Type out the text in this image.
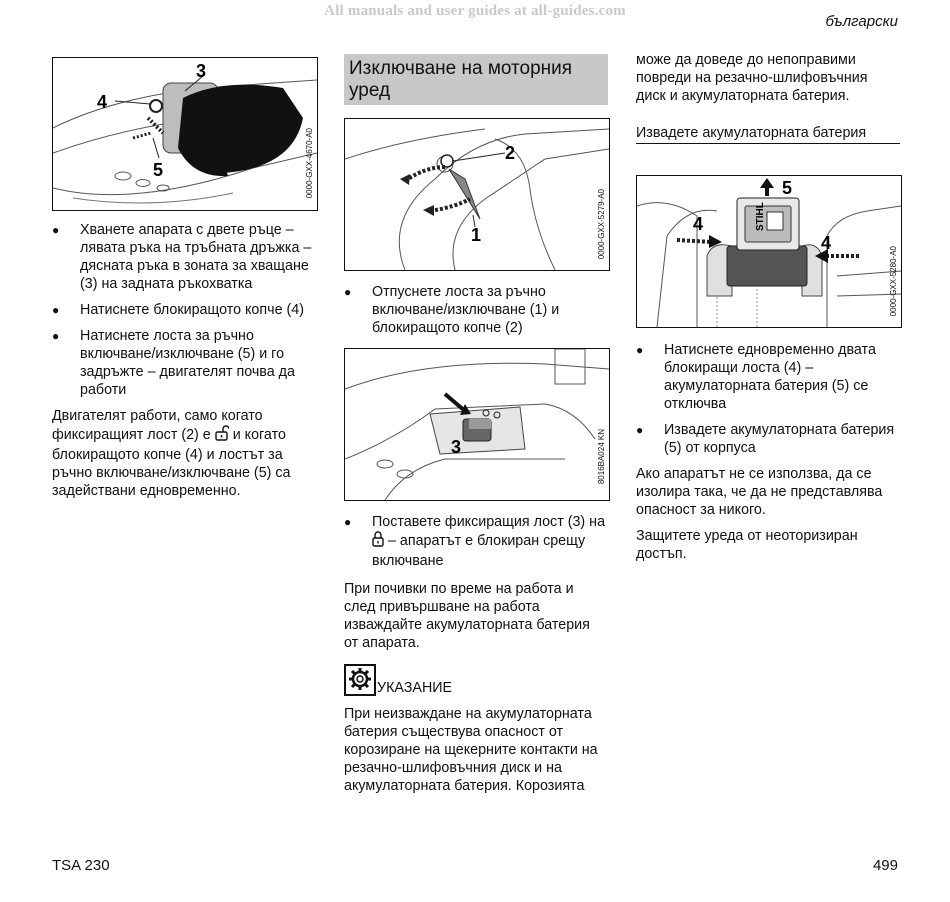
All manuals and user guides at all-guides.com
български
3
4
5	0000-GXX-4670-A0
● Хванете апарата с двете ръце – лявата ръка на тръбната дръжка – дясната ръка в зоната за хващане (3) на задната ръкохватка
● Натиснете блокиращото копче (4)
● Натиснете лоста за ръчно включване/изключване (5) и го задръжте – двигателят почва да работи

Двигателят работи, само когато фиксиращият лост (2) е и когато блокиращото копче (4) и лостът за ръчно включване/изключване (5) са задействани едновременно.

Изключване на моторния уред
2
1	0000-GXX-5279-A0
● Отпуснете лоста за ръчно включване/изключване (1) и блокиращото копче (2)
3	8016BA024 KN
● Поставете фиксиращия лост (3) на  – апаратът е блокиран срещу включване

При почивки по време на работа и след привършване на работа изваждайте акумулаторната батерия от апарата.

УКАЗАНИЕ

При неизваждане на акумулаторната батерия съществува опасност от корозиране на щекерните контакти на резачно-шлифовъчния диск и на акумулаторната батерия. Корозията

може да доведе до непоправими повреди на резачно-шлифовъчния диск и акумулаторната батерия.

Извадете акумулаторната батерия
STIHL
5
4
4
0000-GXX-5280-A0
● Натиснете едновременно двата блокиращи лоста (4) – акумулаторната батерия (5) се отключва
● Извадете акумулаторната батерия (5) от корпуса

Ако апаратът не се използва, да се изолира така, че да не представлява опасност за никого.

Защитете уреда от неоторизиран достъп.

TSA 230	499
